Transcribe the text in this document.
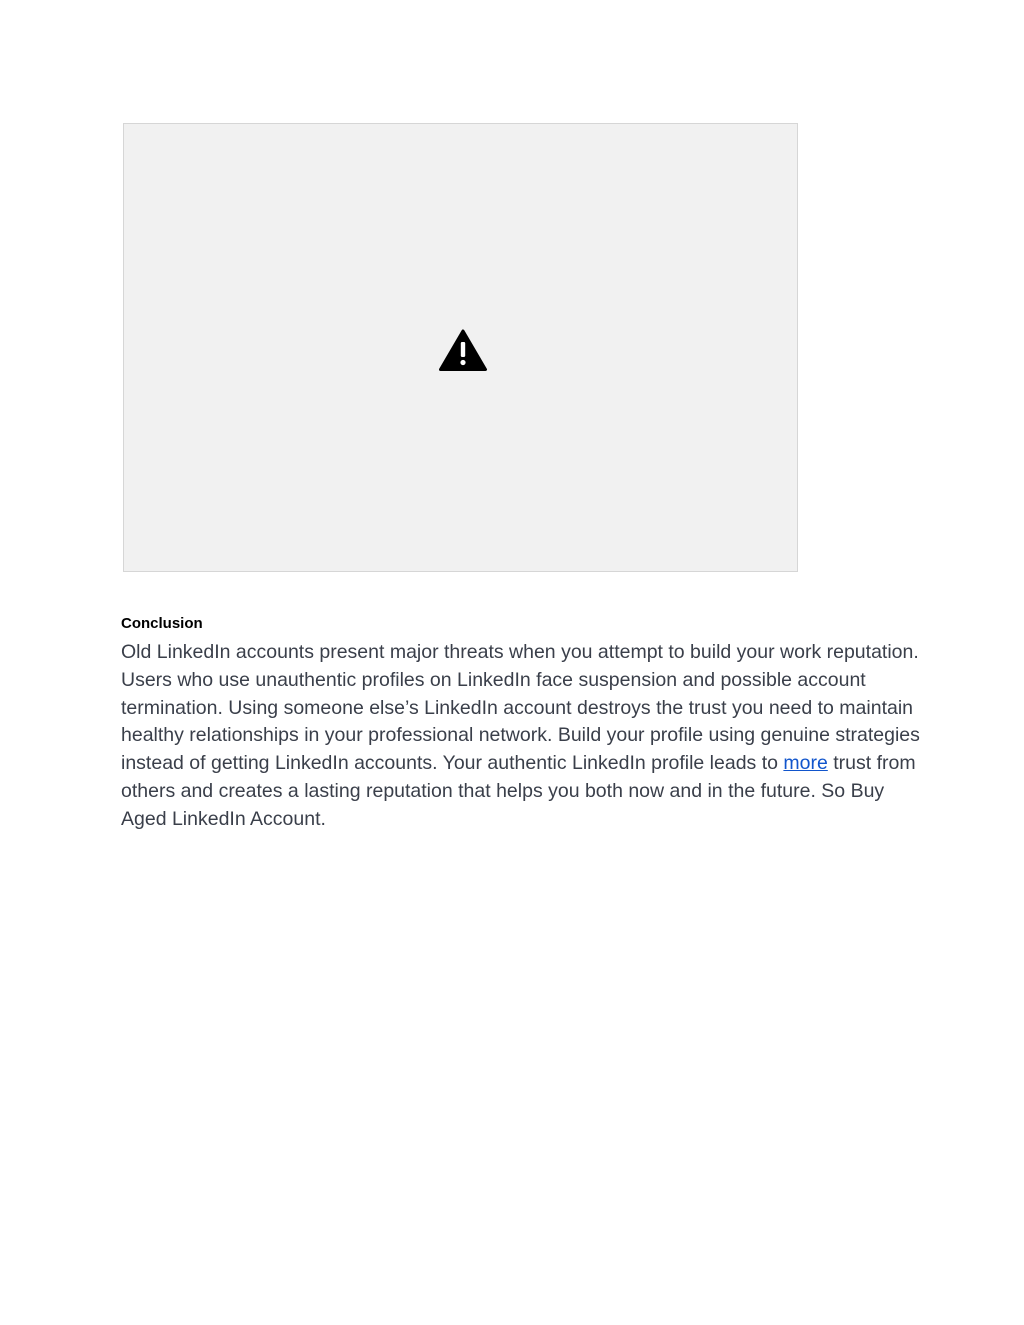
Conclusion

Old LinkedIn accounts present major threats when you attempt to build your work reputation. Users who use unauthentic profiles on LinkedIn face suspension and possible account termination. Using someone else’s LinkedIn account destroys the trust you need to maintain healthy relationships in your professional network. Build your profile using genuine strategies instead of getting LinkedIn accounts. Your authentic LinkedIn profile leads to more trust from others and creates a lasting reputation that helps you both now and in the future. So Buy Aged LinkedIn Account.
